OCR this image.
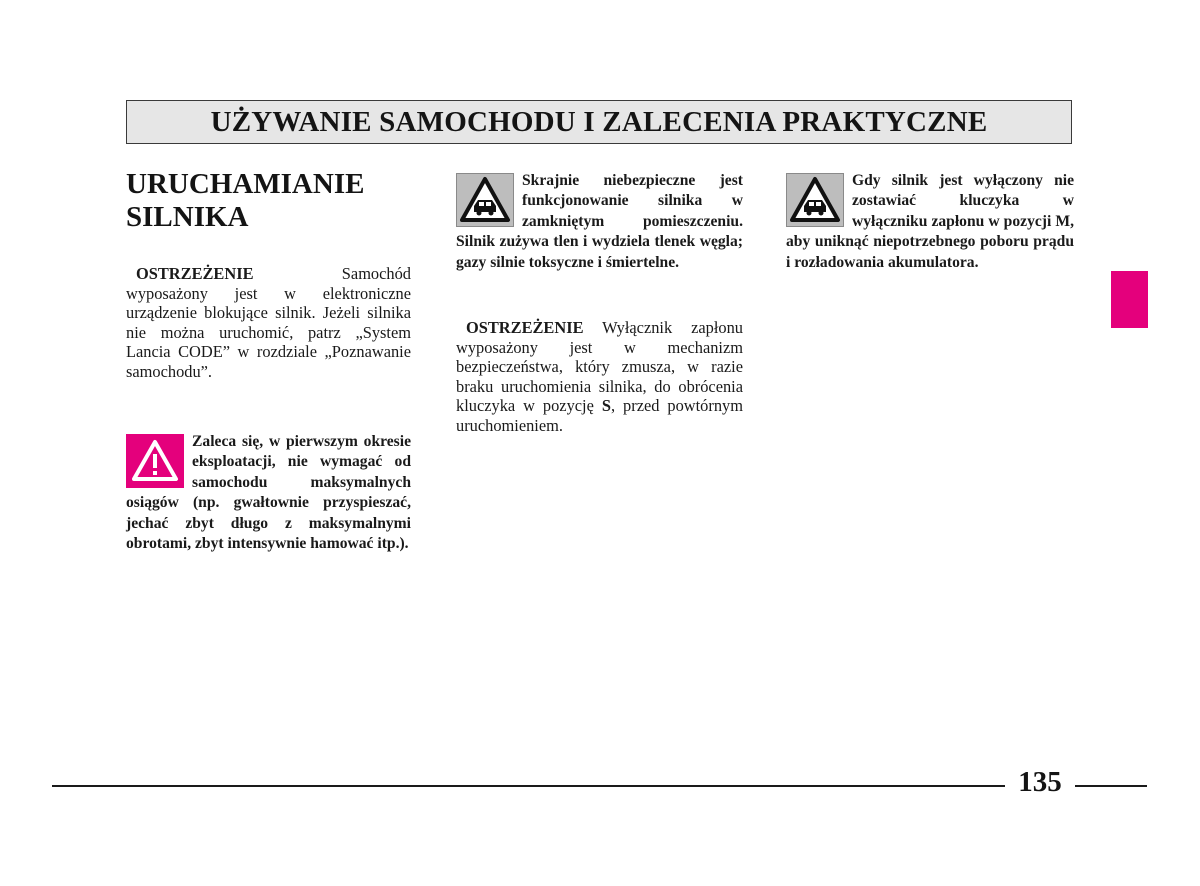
UŻYWANIE SAMOCHODU I ZALECENIA PRAKTYCZNE
URUCHAMIANIE
SILNIKA

OSTRZEŻENIE	Samochód wyposażony jest w elektroniczne urządzenie blokujące silnik. Jeżeli silnika nie można uruchomić, patrz „System Lancia CODE” w rozdziale „Poznawanie samochodu”.

Zaleca się, w pierwszym okresie eksploatacji, nie wymagać od samochodu maksymalnych osiągów (np. gwałtownie przyspieszać, jechać zbyt długo z maksymalnymi obrotami, zbyt intensywnie hamować itp.).
Skrajnie niebezpieczne jest funkcjonowanie silnika w zamkniętym pomieszczeniu. Silnik zużywa tlen i wydziela tlenek węgla; gazy silnie toksyczne i śmiertelne.

OSTRZEŻENIE Wyłącznik zapłonu wyposażony jest w mechanizm bezpieczeństwa, który zmusza, w razie braku uruchomienia silnika, do obrócenia kluczyka w pozycję S, przed powtórnym uruchomieniem.

Gdy silnik jest wyłączony nie zostawiać kluczyka w wyłączniku zapłonu w pozycji M, aby uniknąć niepotrzebnego poboru prądu i rozładowania akumulatora.
135
